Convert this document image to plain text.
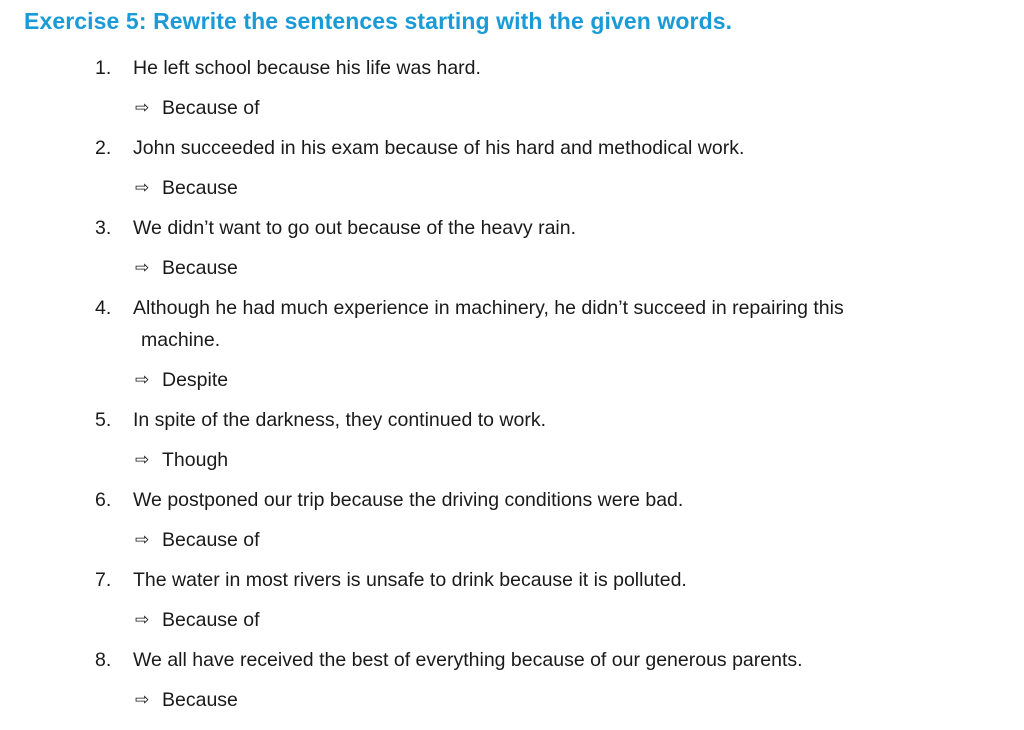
Exercise 5: Rewrite the sentences starting with the given words.
1.	He left school because his life was hard.
⇨ Because of
2.	John succeeded in his exam because of his hard and methodical work.
⇨ Because
3.	We didn’t want to go out because of the heavy rain.
⇨ Because
4.	Although he had much experience in machinery, he didn’t succeed in repairing this
machine.
⇨ Despite
5.	In spite of the darkness, they continued to work.
⇨ Though
6.	We postponed our trip because the driving conditions were bad.
⇨ Because of
7.	The water in most rivers is unsafe to drink because it is polluted.
⇨ Because of
8.	We all have received the best of everything because of our generous parents.
⇨ Because
